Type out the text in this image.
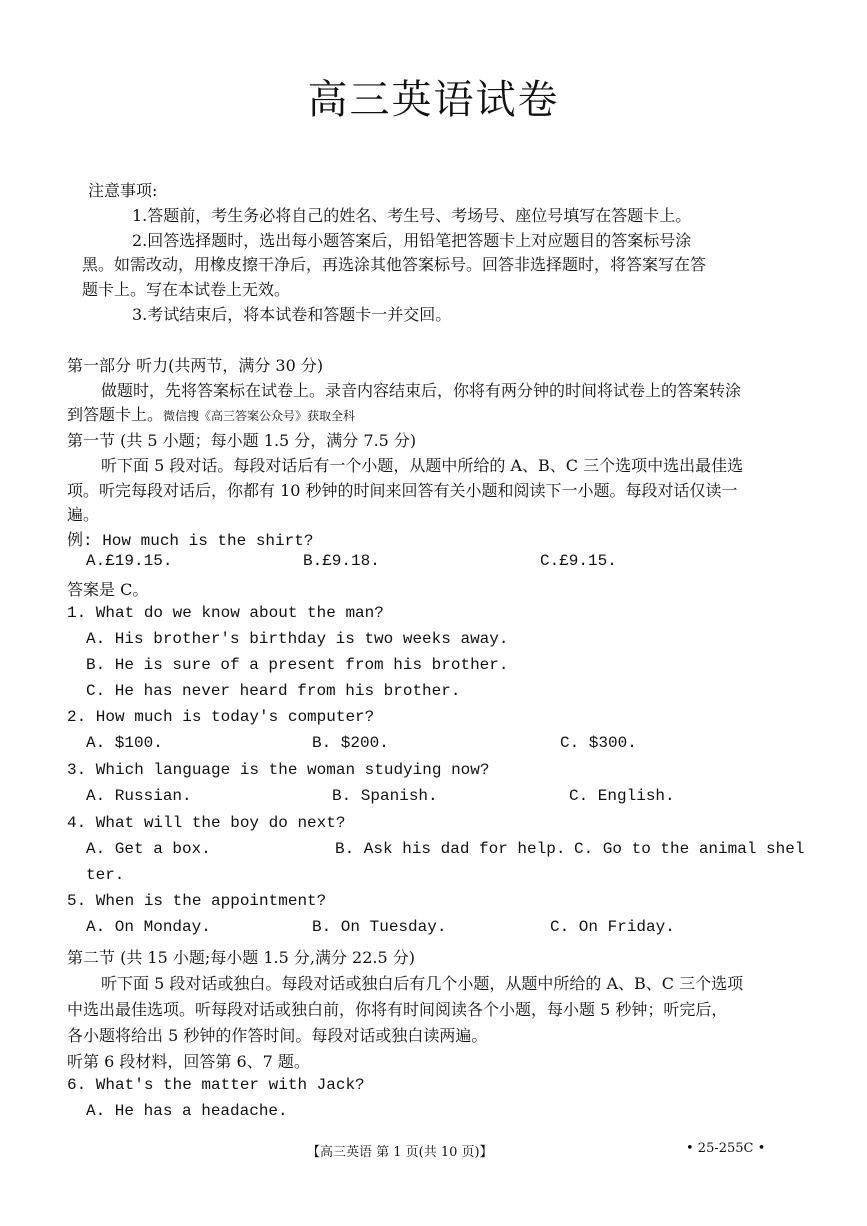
高三英语试卷
注意事项:
1.答题前，考生务必将自己的姓名、考生号、考场号、座位号填写在答题卡上。
2.回答选择题时，选出每小题答案后，用铅笔把答题卡上对应题目的答案标号涂
黑。如需改动，用橡皮擦干净后，再选涂其他答案标号。回答非选择题时，将答案写在答
题卡上。写在本试卷上无效。
3.考试结束后，将本试卷和答题卡一并交回。
第一部分 听力(共两节，满分 30 分)
做题时，先将答案标在试卷上。录音内容结束后，你将有两分钟的时间将试卷上的答案转涂
到答题卡上。微信搜《高三答案公众号》获取全科
第一节 (共 5 小题；每小题 1.5 分，满分 7.5 分)
听下面 5 段对话。每段对话后有一个小题，从题中所给的 A、B、C 三个选项中选出最佳选
项。听完每段对话后，你都有 10 秒钟的时间来回答有关小题和阅读下一小题。每段对话仅读一
遍。
例: How much is the shirt?
A.£19.15.	B.£9.18.	C.£9.15.
答案是 C。
1. What do we know about the man?
A. His brother's birthday is two weeks away.
B. He is sure of a present from his brother.
C. He has never heard from his brother.
2. How much is today's computer?
A. $100.	B. $200.	C. $300.
3. Which language is the woman studying now?
A. Russian.	B. Spanish.	C. English.
4. What will the boy do next?
A. Get a box.	B. Ask his dad for help. C. Go to the animal shel
ter.
5. When is the appointment?
A. On Monday.	B. On Tuesday.	C. On Friday.
第二节 (共 15 小题;每小题 1.5 分,满分 22.5 分)
听下面 5 段对话或独白。每段对话或独白后有几个小题，从题中所给的 A、B、C 三个选项
中选出最佳选项。听每段对话或独白前，你将有时间阅读各个小题，每小题 5 秒钟；听完后，
各小题将给出 5 秒钟的作答时间。每段对话或独白读两遍。
听第 6 段材料，回答第 6、7 题。
6. What's the matter with Jack?
A. He has a headache.
【高三英语 第 1 页(共 10 页)】	• 25-255C •
